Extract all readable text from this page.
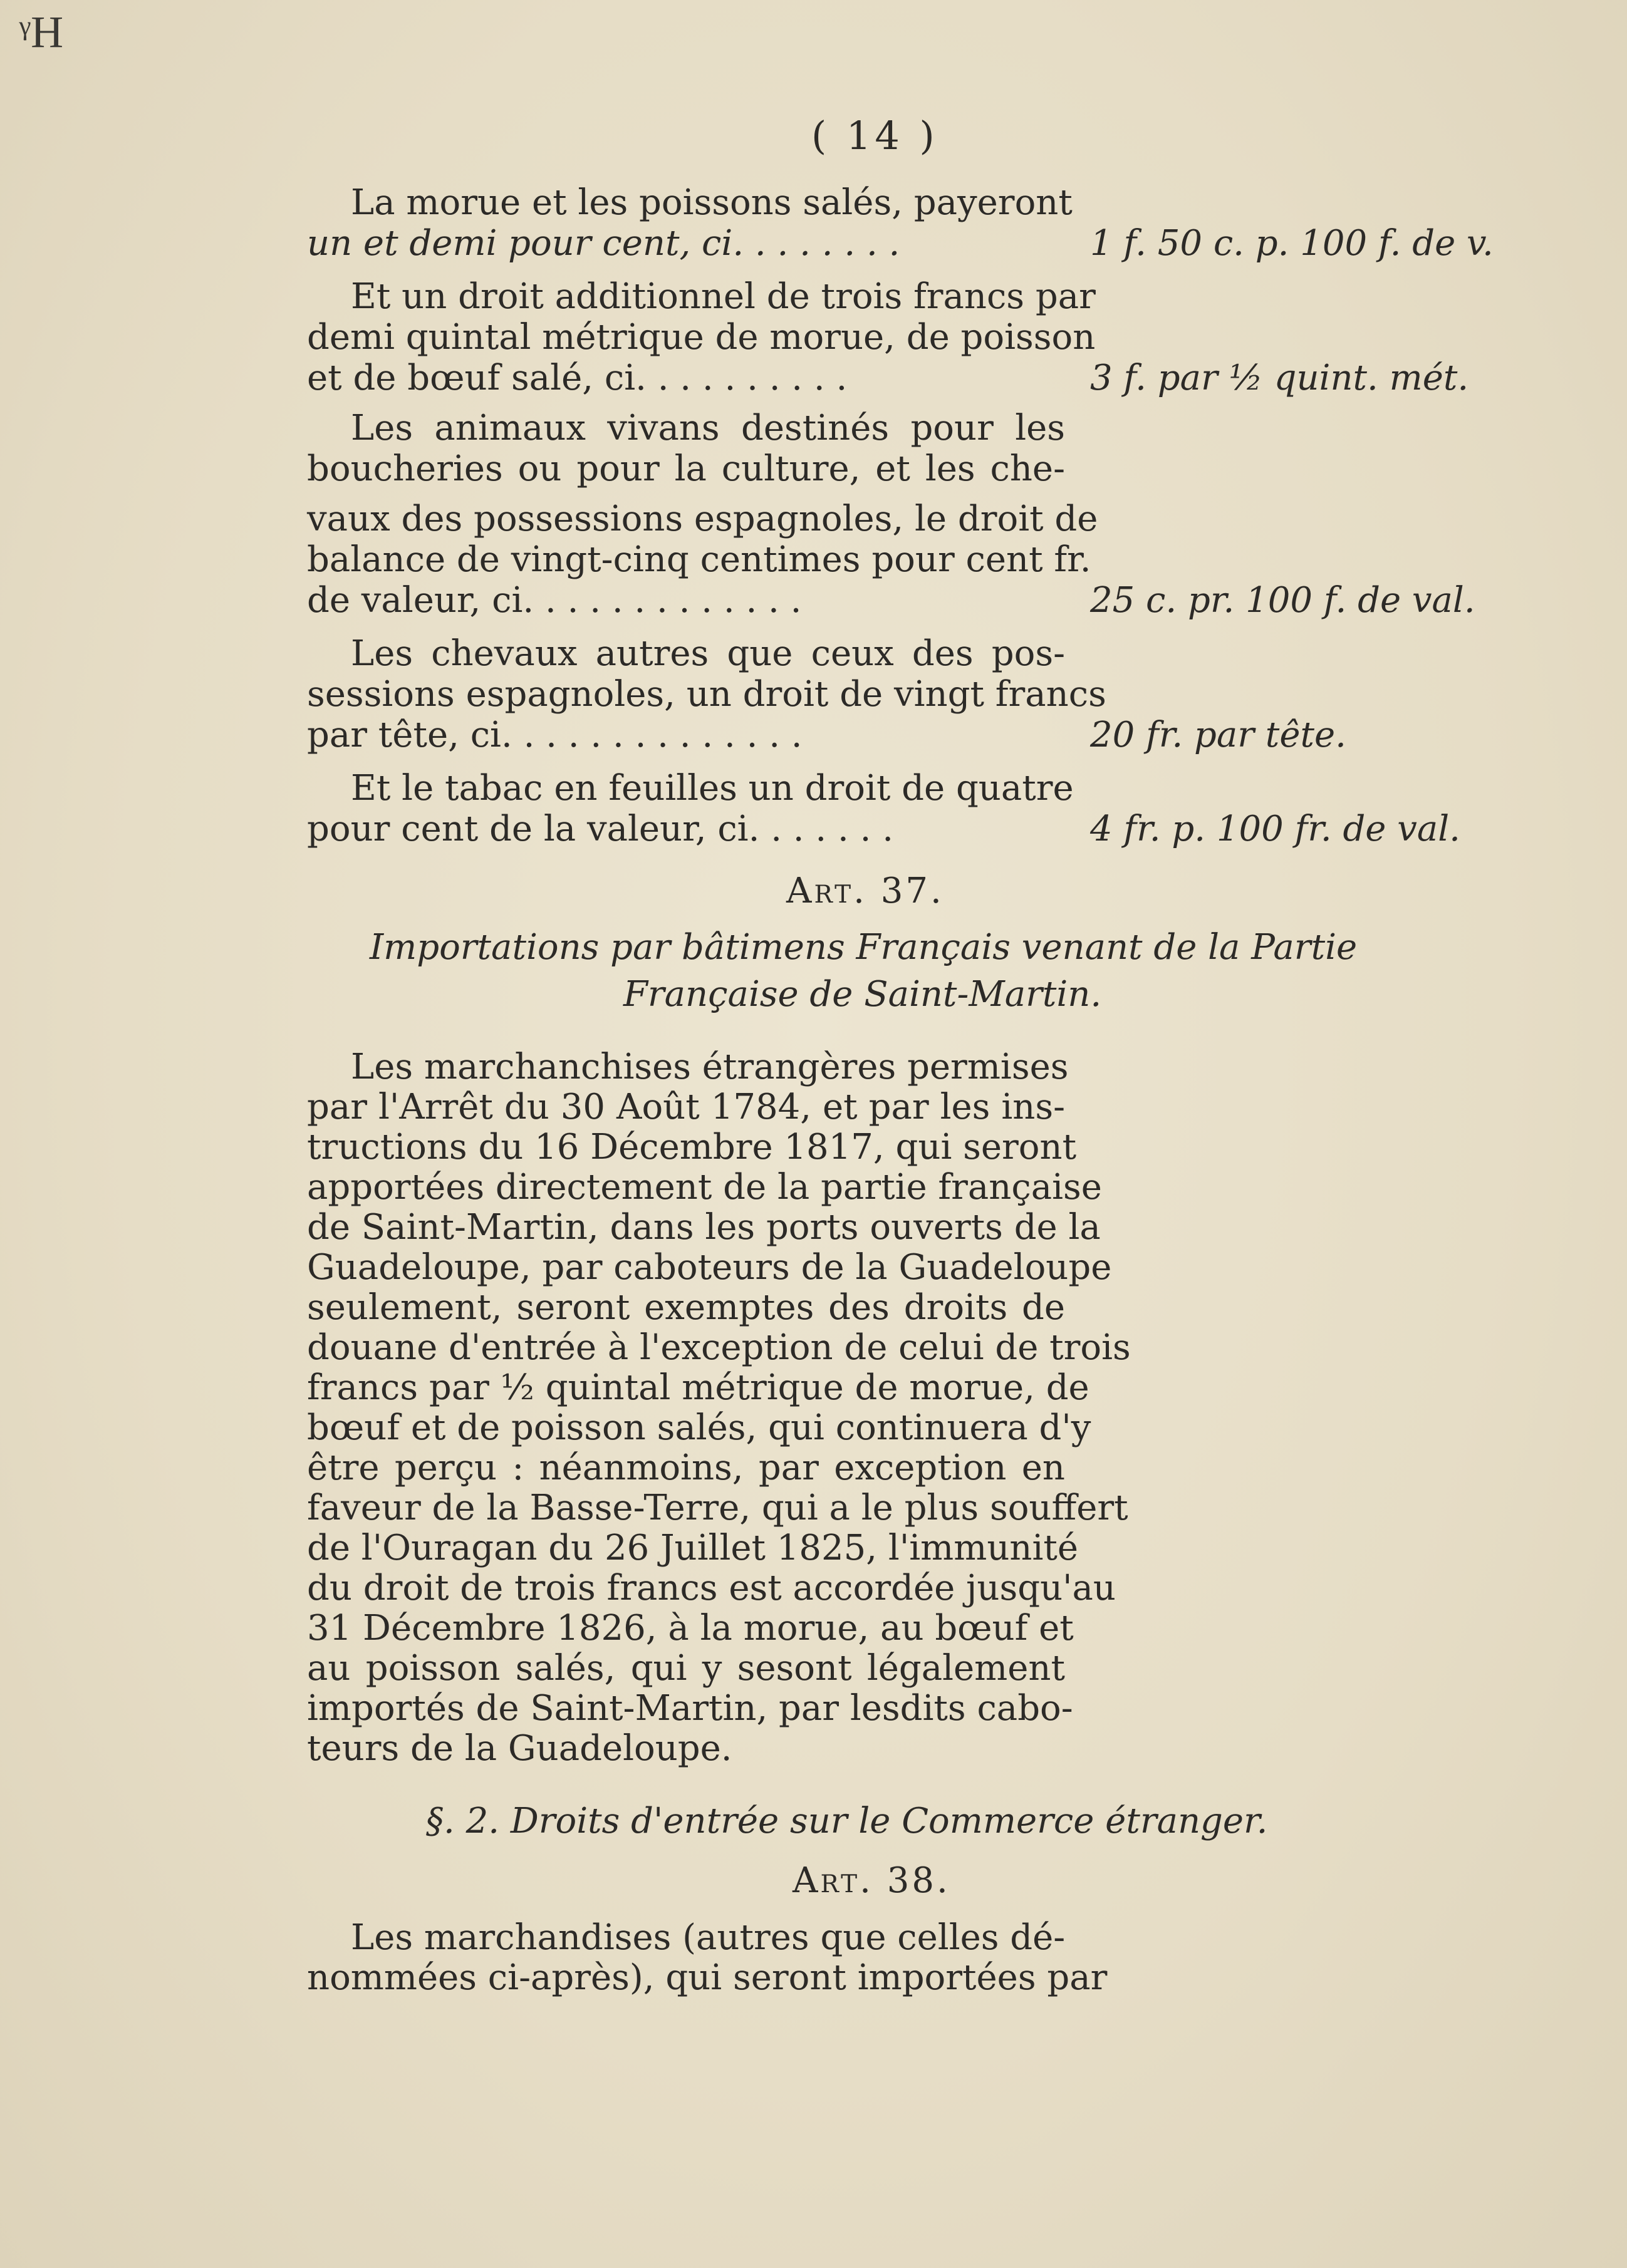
ᵞH
( 14 )
La morue et les poissons salés, payeront
un et demi pour cent, ci. . . . . . . .	1 f. 50 c. p. 100 f. de v.
Et un droit additionnel de trois francs par
demi quintal métrique de morue, de poisson
et de bœuf salé, ci. . . . . . . . . .	3 f. par ½ quint. mét.
Les animaux vivans destinés pour les
boucheries ou pour la culture, et les che-
vaux des possessions espagnoles, le droit de
balance de vingt-cinq centimes pour cent fr.
de valeur, ci. . . . . . . . . . . . .	25 c. pr. 100 f. de val.
Les chevaux autres que ceux des pos-
sessions espagnoles, un droit de vingt francs
par tête, ci. . . . . . . . . . . . . .	20 fr. par tête.
Et le tabac en feuilles un droit de quatre
pour cent de la valeur, ci. . . . . . .	4 fr. p. 100 fr. de val.
Art. 37.
Importations par bâtimens Français venant de la Partie
Française de Saint-Martin.
Les marchanchises étrangères permises
par l'Arrêt du 30 Août 1784, et par les ins-
tructions du 16 Décembre 1817, qui seront
apportées directement de la partie française
de Saint-Martin, dans les ports ouverts de la
Guadeloupe, par caboteurs de la Guadeloupe
seulement, seront exemptes des droits de
douane d'entrée à l'exception de celui de trois
francs par ½ quintal métrique de morue, de
bœuf et de poisson salés, qui continuera d'y
être perçu : néanmoins, par exception en
faveur de la Basse-Terre, qui a le plus souffert
de l'Ouragan du 26 Juillet 1825, l'immunité
du droit de trois francs est accordée jusqu'au
31 Décembre 1826, à la morue, au bœuf et
au poisson salés, qui y sesont légalement
importés de Saint-Martin, par lesdits cabo-
teurs de la Guadeloupe.
§. 2. Droits d'entrée sur le Commerce étranger.
Art. 38.
Les marchandises (autres que celles dé-
nommées ci-après), qui seront importées par
